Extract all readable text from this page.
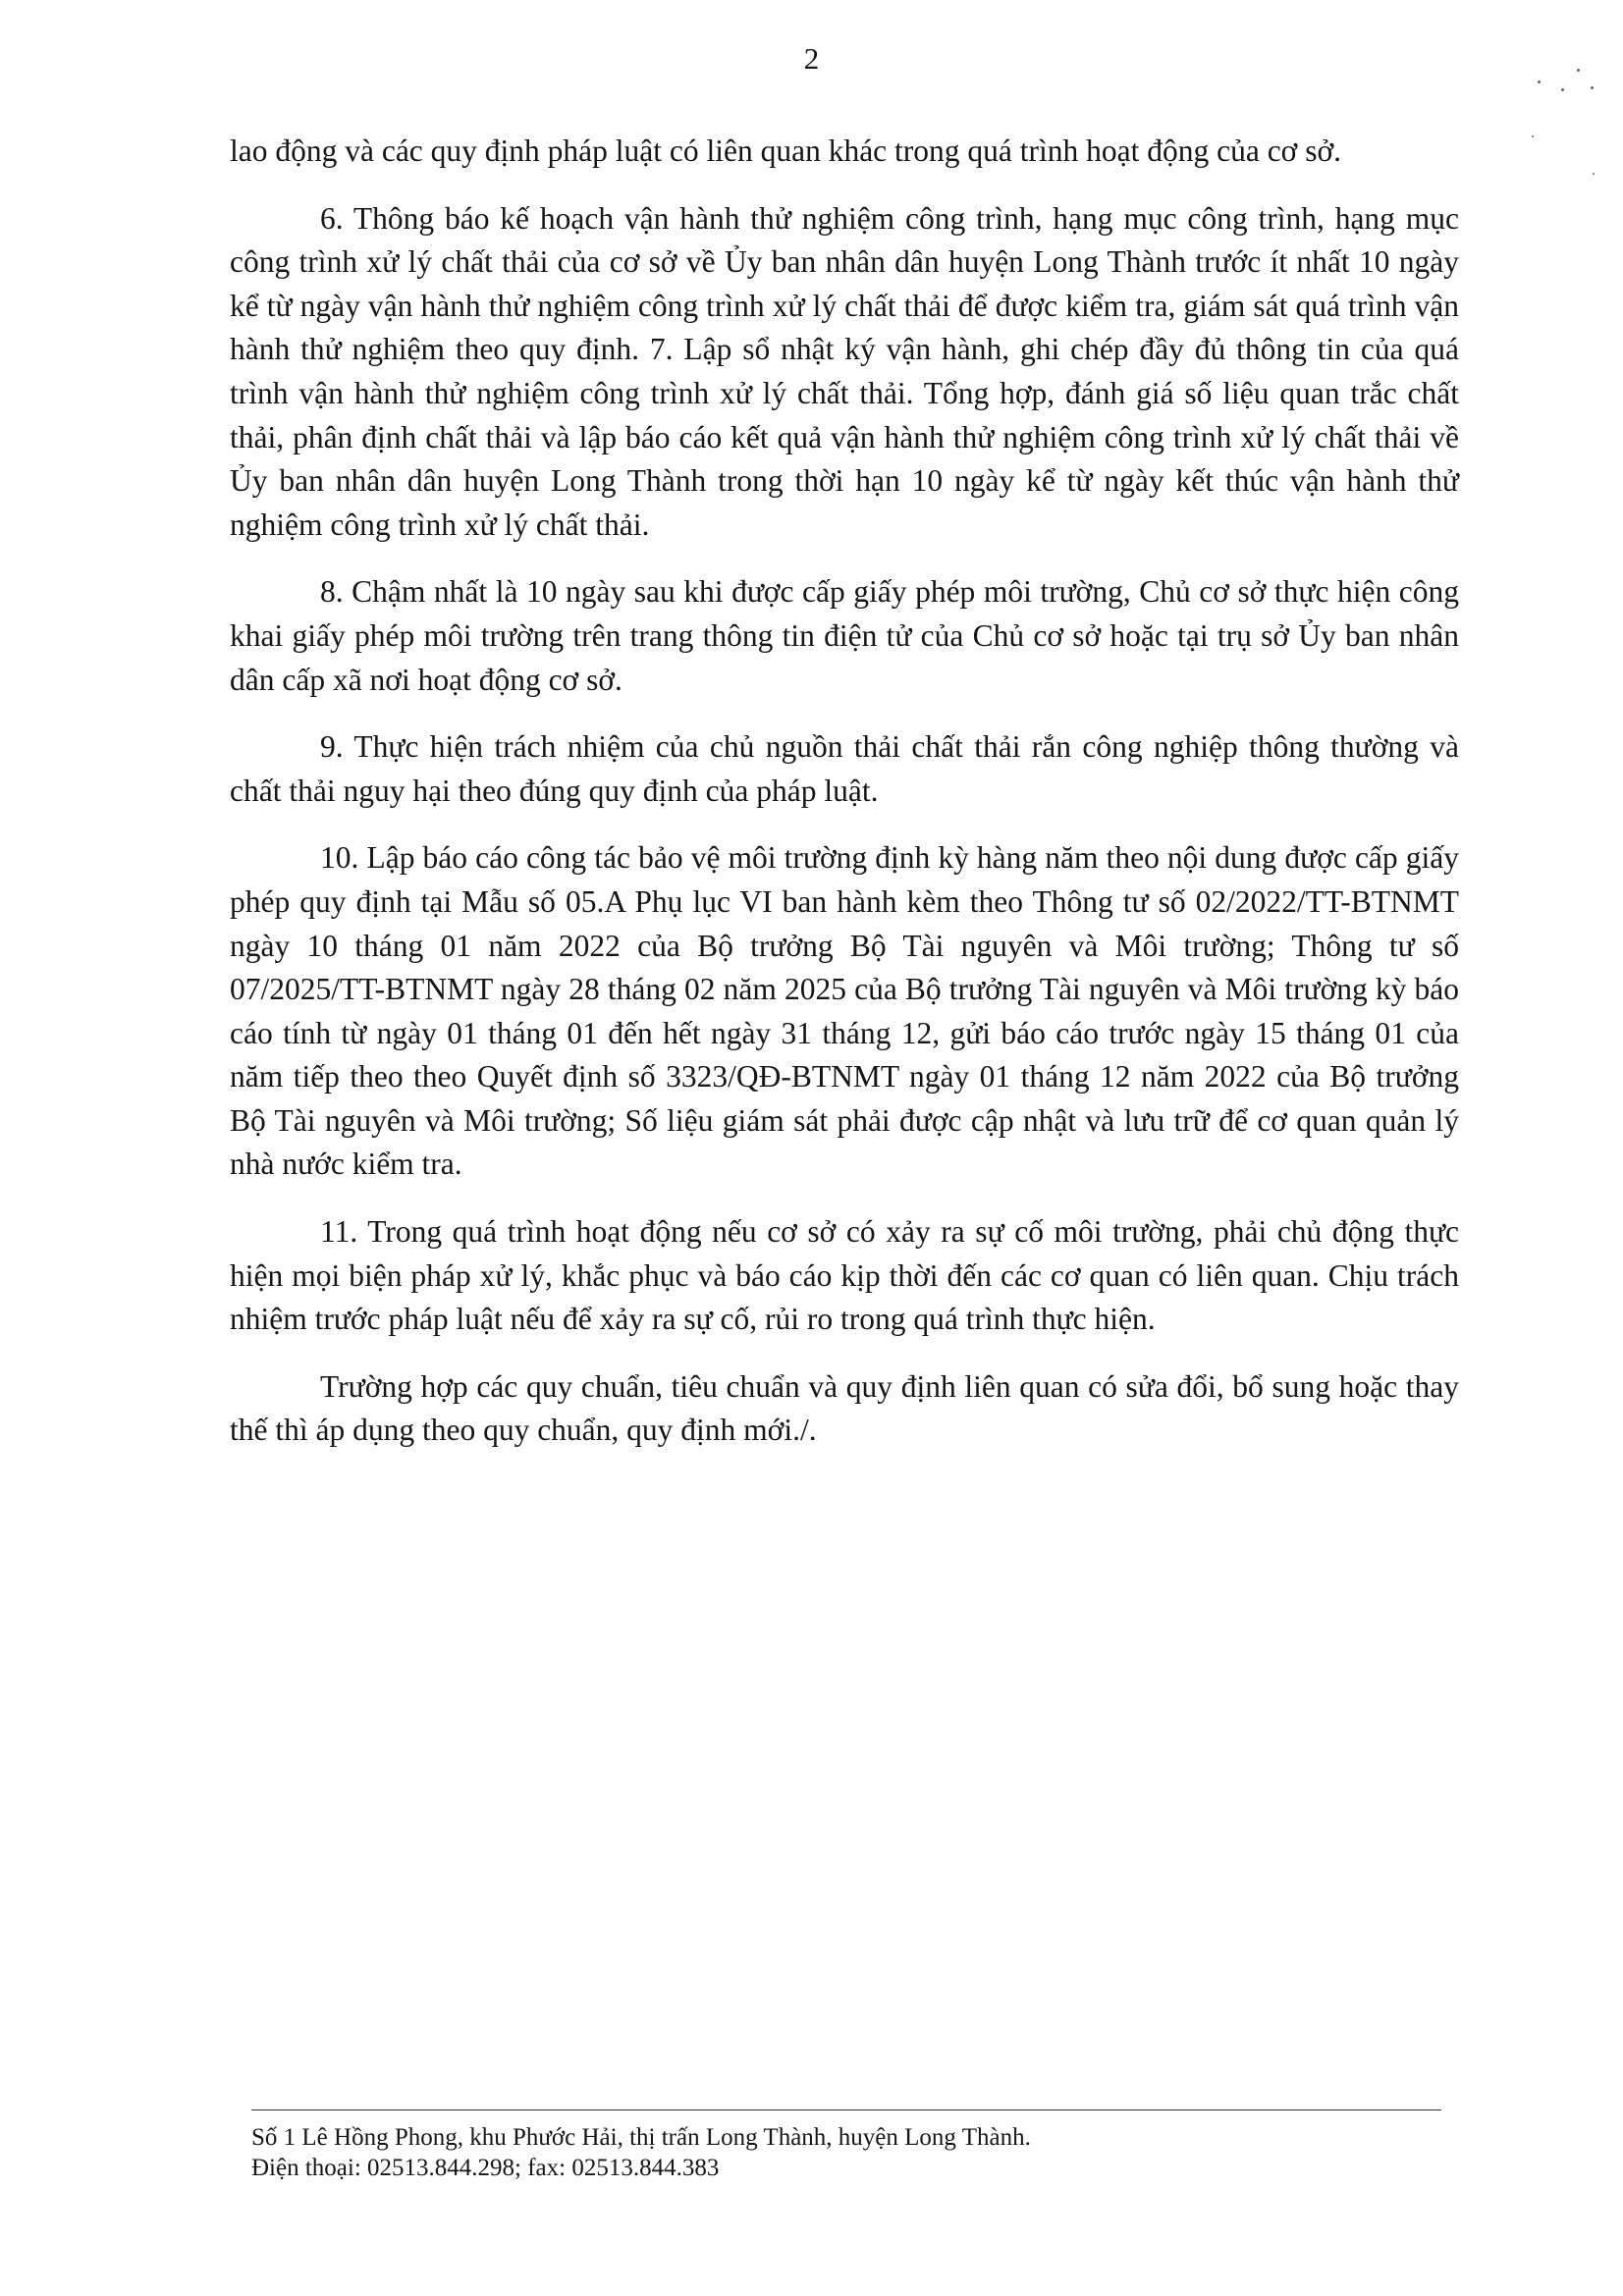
2

lao động và các quy định pháp luật có liên quan khác trong quá trình hoạt động của cơ sở.

6. Thông báo kế hoạch vận hành thử nghiệm công trình, hạng mục công trình, hạng mục công trình xử lý chất thải của cơ sở về Ủy ban nhân dân huyện Long Thành trước ít nhất 10 ngày kể từ ngày vận hành thử nghiệm công trình xử lý chất thải để được kiểm tra, giám sát quá trình vận hành thử nghiệm theo quy định. 7. Lập sổ nhật ký vận hành, ghi chép đầy đủ thông tin của quá trình vận hành thử nghiệm công trình xử lý chất thải. Tổng hợp, đánh giá số liệu quan trắc chất thải, phân định chất thải và lập báo cáo kết quả vận hành thử nghiệm công trình xử lý chất thải về Ủy ban nhân dân huyện Long Thành trong thời hạn 10 ngày kể từ ngày kết thúc vận hành thử nghiệm công trình xử lý chất thải.

8. Chậm nhất là 10 ngày sau khi được cấp giấy phép môi trường, Chủ cơ sở thực hiện công khai giấy phép môi trường trên trang thông tin điện tử của Chủ cơ sở hoặc tại trụ sở Ủy ban nhân dân cấp xã nơi hoạt động cơ sở.

9. Thực hiện trách nhiệm của chủ nguồn thải chất thải rắn công nghiệp thông thường và chất thải nguy hại theo đúng quy định của pháp luật.

10. Lập báo cáo công tác bảo vệ môi trường định kỳ hàng năm theo nội dung được cấp giấy phép quy định tại Mẫu số 05.A Phụ lục VI ban hành kèm theo Thông tư số 02/2022/TT-BTNMT ngày 10 tháng 01 năm 2022 của Bộ trưởng Bộ Tài nguyên và Môi trường; Thông tư số 07/2025/TT-BTNMT ngày 28 tháng 02 năm 2025 của Bộ trưởng Tài nguyên và Môi trường kỳ báo cáo tính từ ngày 01 tháng 01 đến hết ngày 31 tháng 12, gửi báo cáo trước ngày 15 tháng 01 của năm tiếp theo theo Quyết định số 3323/QĐ-BTNMT ngày 01 tháng 12 năm 2022 của Bộ trưởng Bộ Tài nguyên và Môi trường; Số liệu giám sát phải được cập nhật và lưu trữ để cơ quan quản lý nhà nước kiểm tra.

11. Trong quá trình hoạt động nếu cơ sở có xảy ra sự cố môi trường, phải chủ động thực hiện mọi biện pháp xử lý, khắc phục và báo cáo kịp thời đến các cơ quan có liên quan. Chịu trách nhiệm trước pháp luật nếu để xảy ra sự cố, rủi ro trong quá trình thực hiện.

Trường hợp các quy chuẩn, tiêu chuẩn và quy định liên quan có sửa đổi, bổ sung hoặc thay thế thì áp dụng theo quy chuẩn, quy định mới./.

Số 1 Lê Hồng Phong, khu Phước Hải, thị trấn Long Thành, huyện Long Thành.
Điện thoại: 02513.844.298; fax: 02513.844.383
